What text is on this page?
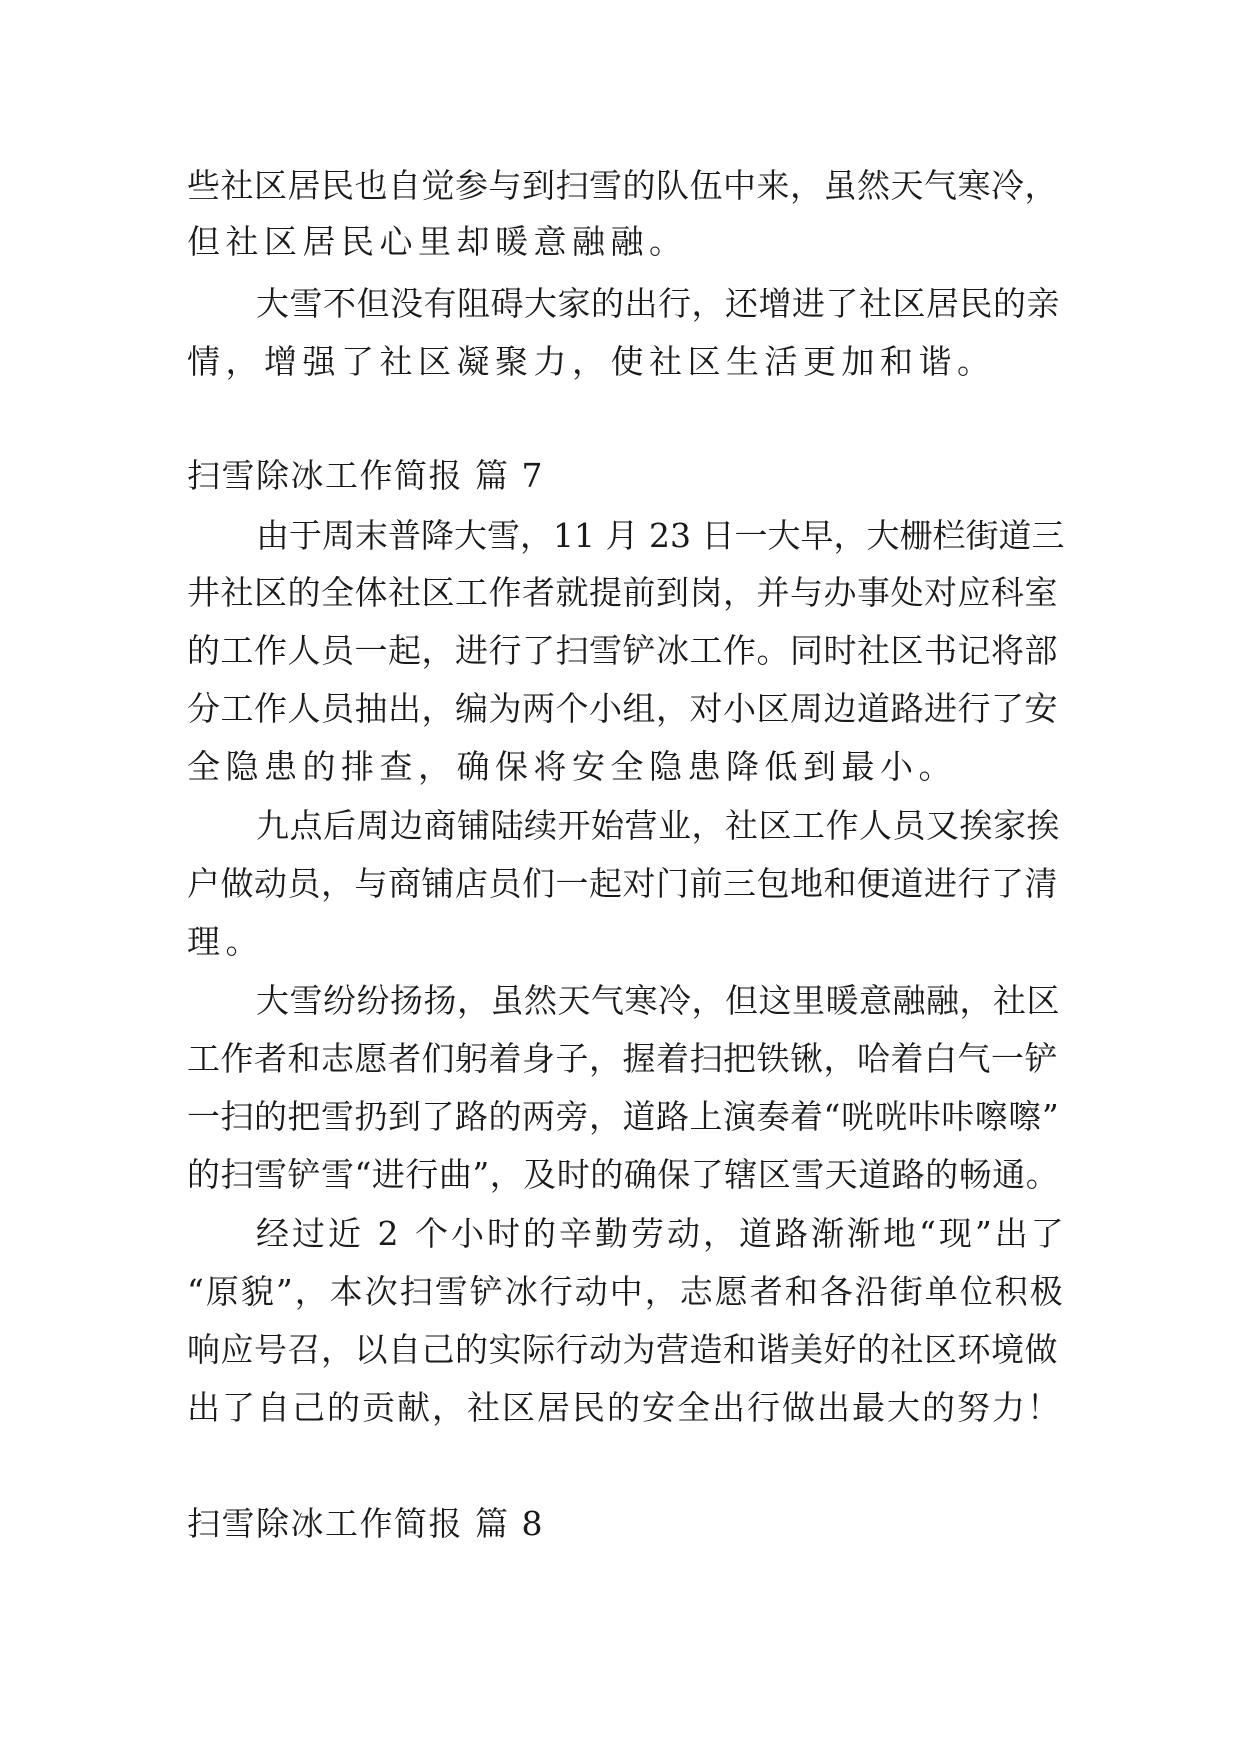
些社区居民也自觉参与到扫雪的队伍中来，虽然天气寒冷，
但社区居民心里却暖意融融。
大雪不但没有阻碍大家的出行，还增进了社区居民的亲
情，增强了社区凝聚力，使社区生活更加和谐。
扫雪除冰工作简报 篇 7
由于周末普降大雪，11 月 23 日一大早，大栅栏街道三
井社区的全体社区工作者就提前到岗，并与办事处对应科室
的工作人员一起，进行了扫雪铲冰工作。同时社区书记将部
分工作人员抽出，编为两个小组，对小区周边道路进行了安
全隐患的排查，确保将安全隐患降低到最小。
九点后周边商铺陆续开始营业，社区工作人员又挨家挨
户做动员，与商铺店员们一起对门前三包地和便道进行了清
理。
大雪纷纷扬扬，虽然天气寒冷，但这里暖意融融，社区
工作者和志愿者们躬着身子，握着扫把铁锹，哈着白气一铲
一扫的把雪扔到了路的两旁，道路上演奏着“咣咣咔咔嚓嚓”
的扫雪铲雪“进行曲”，及时的确保了辖区雪天道路的畅通。
经过近 2 个小时的辛勤劳动，道路渐渐地“现”出了
“原貌”，本次扫雪铲冰行动中，志愿者和各沿街单位积极
响应号召，以自己的实际行动为营造和谐美好的社区环境做
出了自己的贡献，社区居民的安全出行做出最大的努力！
扫雪除冰工作简报 篇 8
